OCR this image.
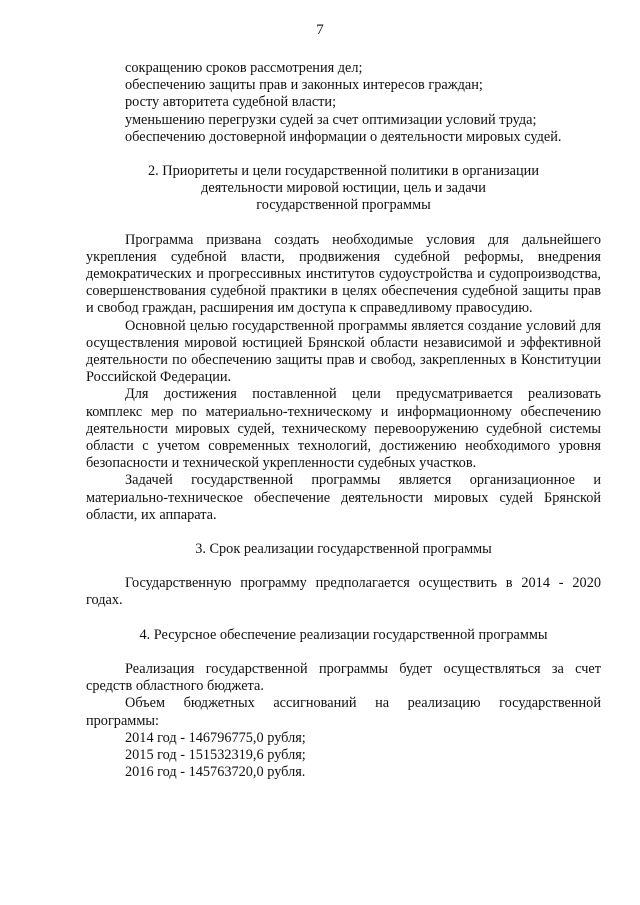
7

сокращению сроков рассмотрения дел;

обеспечению защиты прав и законных интересов граждан;

росту авторитета судебной власти;

уменьшению перегрузки судей за счет оптимизации условий труда;

обеспечению достоверной информации о деятельности мировых судей.

2. Приоритеты и цели государственной политики в организации

деятельности мировой юстиции, цель и задачи

государственной программы

Программа призвана создать необходимые условия для дальнейшего укрепления судебной власти, продвижения судебной реформы, внедрения демократических и прогрессивных институтов судоустройства и судопроизводства, совершенствования судебной практики в целях обеспечения судебной защиты прав и свобод граждан, расширения им доступа к справедливому правосудию.

Основной целью государственной программы является создание условий для осуществления мировой юстицией Брянской области независимой и эффективной деятельности по обеспечению защиты прав и свобод, закрепленных в Конституции Российской Федерации.

Для достижения поставленной цели предусматривается реализовать комплекс мер по материально-техническому и информационному обеспечению деятельности мировых судей, техническому перевооружению судебной системы области с учетом современных технологий, достижению необходимого уровня безопасности и технической укрепленности судебных участков.

Задачей государственной программы является организационное и материально-техническое обеспечение деятельности мировых судей Брянской области, их аппарата.

3. Срок реализации государственной программы

Государственную программу предполагается осуществить в 2014 - 2020 годах.

4. Ресурсное обеспечение реализации государственной программы

Реализация государственной программы будет осуществляться за счет средств областного бюджета.

Объем бюджетных ассигнований на реализацию государственной программы:

2014 год - 146796775,0 рубля;

2015 год - 151532319,6 рубля;

2016 год - 145763720,0 рубля.
